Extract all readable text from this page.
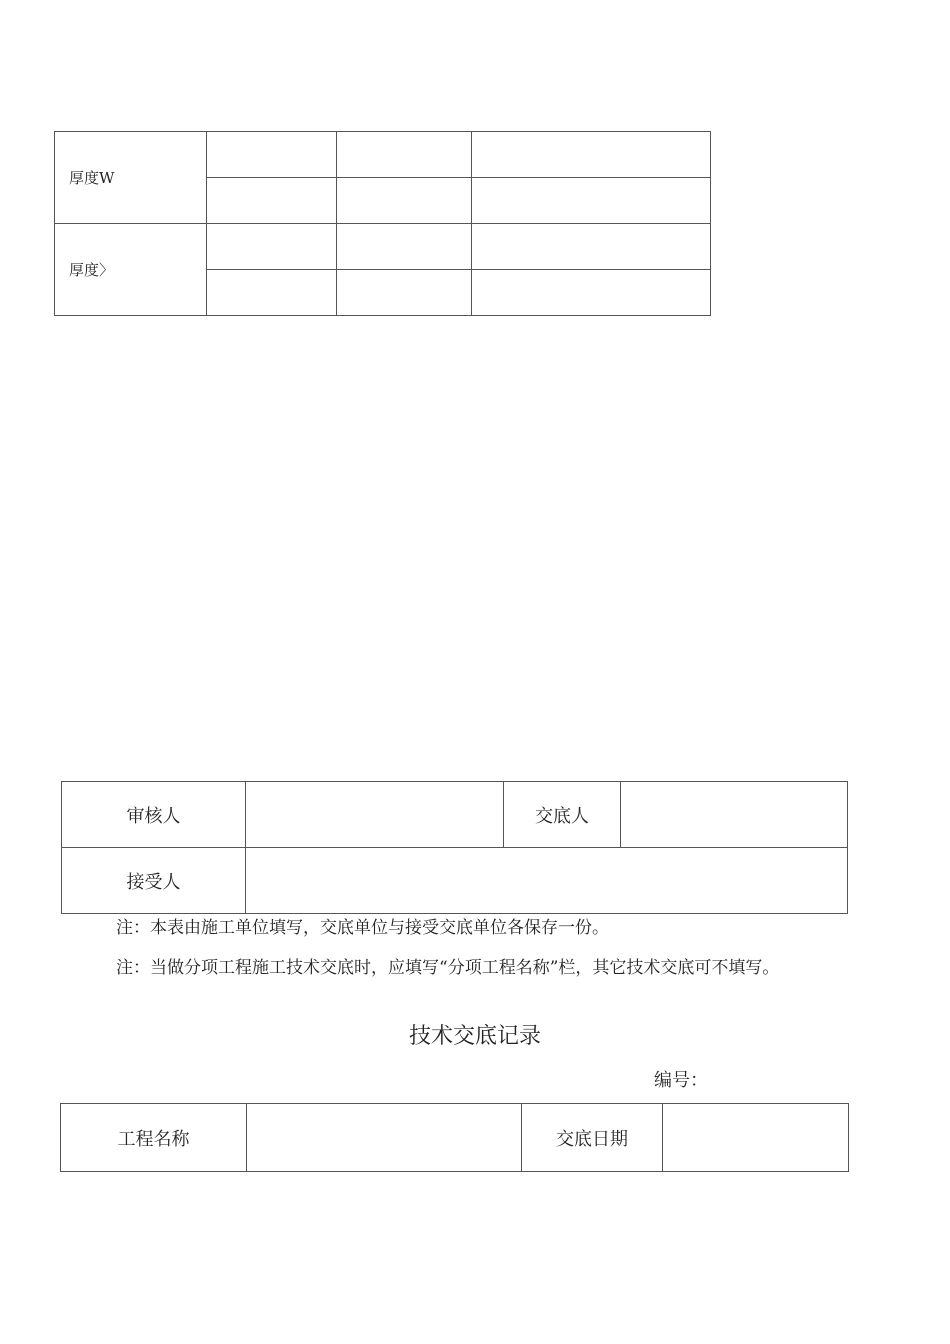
厚度W			

厚度〉			

审核人		交底人	
接受人			
注：本表由施工单位填写，交底单位与接受交底单位各保存一份。
注：当做分项工程施工技术交底时，应填写“分项工程名称”栏，其它技术交底可不填写。
技术交底记录
编号：
工程名称		交底日期	
